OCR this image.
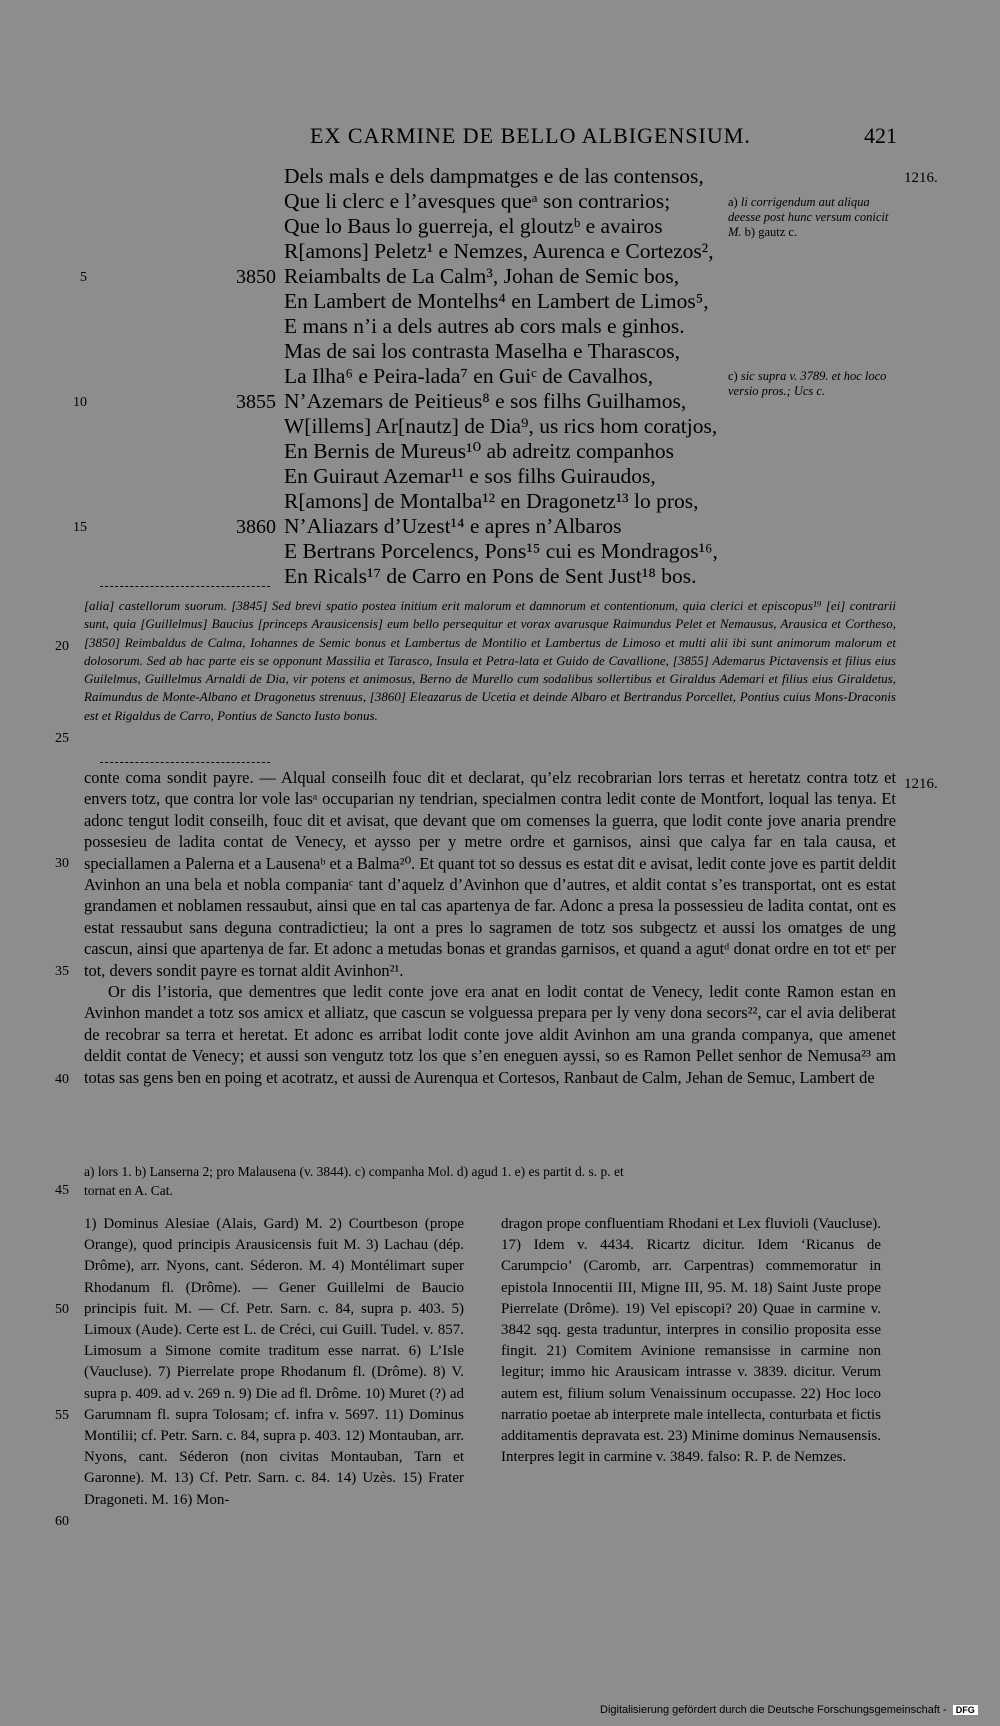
EX CARMINE DE BELLO ALBIGENSIUM.	421
Dels mals e dels dampmatges e de las contensos,
Que li clerc e l’avesques queᵃ son contrarios;
Que lo Baus lo guerreja, el gloutzᵇ e avairos
R[amons] Peletz¹ e Nemzes, Aurenca e Cortezos²,
Reiambalts de La Calm³, Johan de Semic bos,
En Lambert de Montelhs⁴ en Lambert de Limos⁵,
E mans n’i a dels autres ab cors mals e ginhos.
Mas de sai los contrasta Maselha e Tharascos,
La Ilha⁶ e Peira-lada⁷ en Guiᶜ de Cavalhos,
N’Azemars de Peitieus⁸ e sos filhs Guilhamos,
W[illems] Ar[nautz] de Dia⁹, us rics hom coratjos,
En Bernis de Mureus¹⁰ ab adreitz companhos
En Guiraut Azemar¹¹ e sos filhs Guiraudos,
R[amons] de Montalba¹² en Dragonetz¹³ lo pros,
N’Aliazars d’Uzest¹⁴ e apres n’Albaros
E Bertrans Porcelencs, Pons¹⁵ cui es Mondragos¹⁶,
En Ricals¹⁷ de Carro en Pons de Sent Just¹⁸ bos.
3850
3855
3860
5
10
15
1216.
1216.
a) li corrigendum aut aliqua deesse post hunc versum conicit M. b) gautz c.
c) sic supra v. 3789. et hoc loco versio pros.; Ucs c.
[alia] castellorum suorum. [3845] Sed brevi spatio postea initium erit malorum et damnorum et contentionum, quia clerici et episcopus¹⁹ [ei] contrarii sunt, quia [Guillelmus] Baucius [princeps Arausicensis] eum bello persequitur et vorax avarusque Raimundus Pelet et Nemausus, Arausica et Cortheso, [3850] Reimbaldus de Calma, Iohannes de Semic bonus et Lambertus de Montilio et Lambertus de Limoso et multi alii ibi sunt animorum malorum et dolosorum. Sed ab hac parte eis se opponunt Massilia et Tarasco, Insula et Petra-lata et Guido de Cavallione, [3855] Ademarus Pictavensis et filius eius Guilelmus, Guillelmus Arnaldi de Dia, vir potens et animosus, Berno de Murello cum sodalibus sollertibus et Giraldus Ademari et filius eius Giraldetus, Raimundus de Monte-Albano et Dragonetus strenuus, [3860] Eleazarus de Ucetia et deinde Albaro et Bertrandus Porcellet, Pontius cuius Mons-Draconis est et Rigaldus de Carro, Pontius de Sancto Iusto bonus.
20
25

conte coma sondit payre. — Alqual conseilh fouc dit et declarat, qu’elz recobrarian lors terras et heretatz contra totz et envers totz, que contra lor vole lasᵃ occuparian ny tendrian, specialmen contra ledit conte de Montfort, loqual las tenya. Et adonc tengut lodit conseilh, fouc dit et avisat, que devant que om comenses la guerra, que lodit conte jove anaria prendre possesieu de ladita contat de Venecy, et aysso per y metre ordre et garnisos, ainsi que calya far en tala causa, et speciallamen a Palerna et a Lausenaᵇ et a Balma²⁰. Et quant tot so dessus es estat dit e avisat, ledit conte jove es partit deldit Avinhon an una bela et nobla companiaᶜ tant d’aquelz d’Avinhon que d’autres, et aldit contat s’es transportat, ont es estat grandamen et noblamen ressaubut, ainsi que en tal cas apartenya de far. Adonc a presa la possessieu de ladita contat, ont es estat ressaubut sans deguna contradictieu; la ont a pres lo sagramen de totz sos subgectz et aussi los omatges de ung cascun, ainsi que apartenya de far. Et adonc a metudas bonas et grandas garnisos, et quand a agutᵈ donat ordre en tot etᵉ per tot, devers sondit payre es tornat aldit Avinhon²¹.

Or dis l’istoria, que dementres que ledit conte jove era anat en lodit contat de Venecy, ledit conte Ramon estan en Avinhon mandet a totz sos amicx et alliatz, que cascun se volguessa prepara per ly veny dona secors²², car el avia deliberat de recobrar sa terra et heretat. Et adonc es arribat lodit conte jove aldit Avinhon am una granda companya, que amenet deldit contat de Venecy; et aussi son vengutz totz los que s’en eneguen ayssi, so es Ramon Pellet senhor de Nemusa²³ am totas sas gens ben en poing et acotratz, et aussi de Aurenqua et Cortesos, Ranbaut de Calm, Jehan de Semuc, Lambert de

30
35
40
a) lors 1. b) Lanserna 2; pro Malausena (v. 3844). c) companha Mol. d) agud 1. e) es partit d. s. p. et
tornat en A. Cat.
45
1) Dominus Alesiae (Alais, Gard) M. 2) Courtbeson (prope Orange), quod principis Arausicensis fuit M. 3) Lachau (dép. Drôme), arr. Nyons, cant. Séderon. M. 4) Montélimart super Rhodanum fl. (Drôme). — Gener Guillelmi de Baucio principis fuit. M. — Cf. Petr. Sarn. c. 84, supra p. 403. 5) Limoux (Aude). Certe est L. de Créci, cui Guill. Tudel. v. 857. Limosum a Simone comite traditum esse narrat. 6) L’Isle (Vaucluse). 7) Pierrelate prope Rhodanum fl. (Drôme). 8) V. supra p. 409. ad v. 269 n. 9) Die ad fl. Drôme. 10) Muret (?) ad Garumnam fl. supra Tolosam; cf. infra v. 5697. 11) Dominus Montilii; cf. Petr. Sarn. c. 84, supra p. 403. 12) Montauban, arr. Nyons, cant. Séderon (non civitas Montauban, Tarn et Garonne). M. 13) Cf. Petr. Sarn. c. 84. 14) Uzès. 15) Frater Dragoneti. M. 16) Mon-
dragon prope confluentiam Rhodani et Lex fluvioli (Vaucluse). 17) Idem v. 4434. Ricartz dicitur. Idem ‘Ricanus de Carumpcio’ (Caromb, arr. Carpentras) commemoratur in epistola Innocentii III, Migne III, 95. M. 18) Saint Juste prope Pierrelate (Drôme). 19) Vel episcopi? 20) Quae in carmine v. 3842 sqq. gesta traduntur, interpres in consilio proposita esse fingit. 21) Comitem Avinione remansisse in carmine non legitur; immo hic Arausicam intrasse v. 3839. dicitur. Verum autem est, filium solum Venaissinum occupasse. 22) Hoc loco narratio poetae ab interprete male intellecta, conturbata et fictis additamentis depravata est. 23) Minime dominus Nemausensis. Interpres legit in carmine v. 3849. falso: R. P. de Nemzes.
50
55
60
Digitalisierung gefördert durch die Deutsche Forschungsgemeinschaft - DFG
